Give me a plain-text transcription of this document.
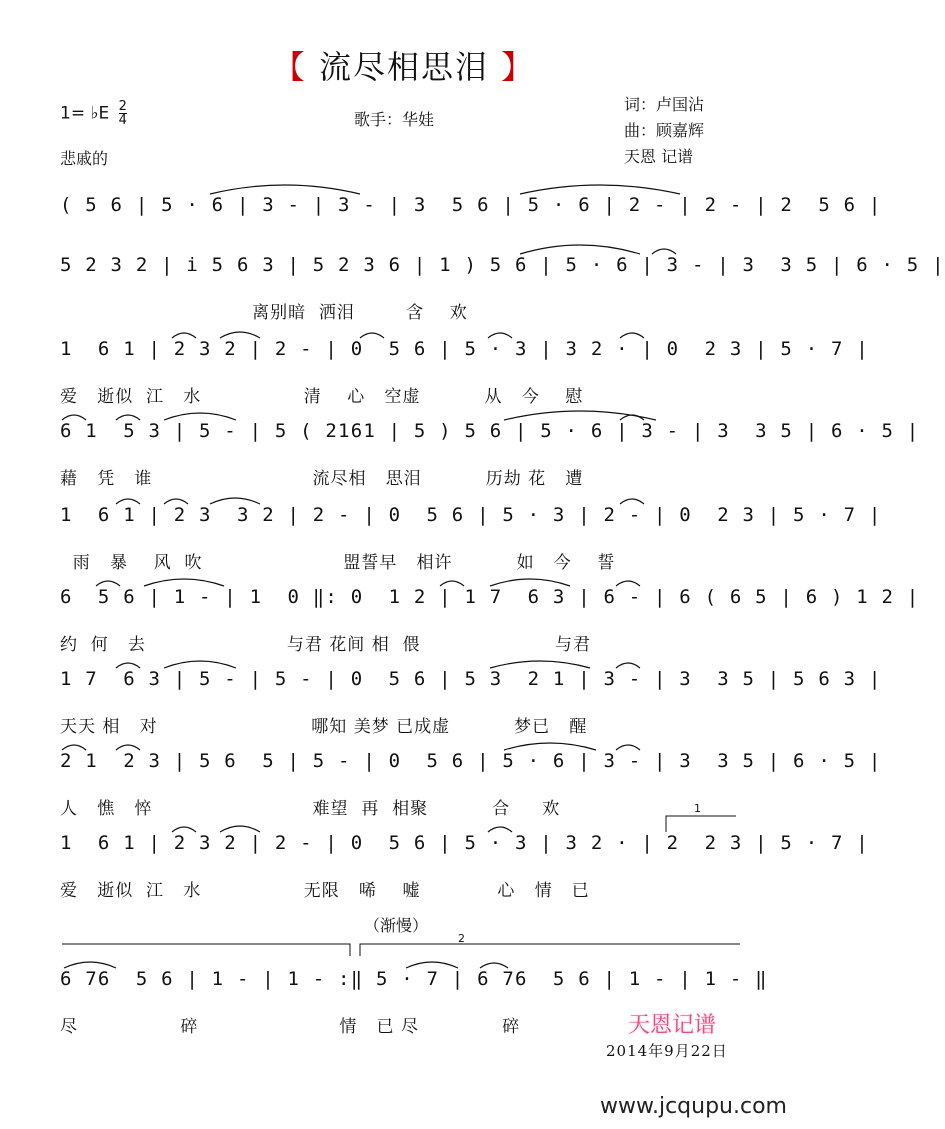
【 流尽相思泪 】
1= ♭E $\frac{2}{4}$
悲戚的
歌手：华娃
词：卢国沾
曲：顾嘉辉
天恩 记谱
( 5 6 | 5 · 6 | 3 - | 3 - | 3  5 6 | 5 · 6 | 2 - | 2 - | 2  5 6 |
5 2 3 2 | i 5 6 3 | 5 2 3 6 | 1 ) 5 6 | 5 · 6 | 3 - | 3  3 5 | 6 · 5 |
离别暗  洒泪        含    欢
1  6 1 | 2 3 2 | 2 - | 0  5 6 | 5 · 3 | 3 2 · | 0  2 3 | 5 · 7 |
爱   逝似  江   水                清    心   空虚          从   今    慰
6 1  5 3 | 5 - | 5 ( 2161 | 5 ) 5 6 | 5 · 6 | 3 - | 3  3 5 | 6 · 5 |
藉   凭   谁                         流尽相   思泪          历劫 花   遭
1  6 1 | 2 3  3 2 | 2 - | 0  5 6 | 5 · 3 | 2 - | 0  2 3 | 5 · 7 |
雨   暴    风  吹                      盟誓早   相许          如   今    誓
6  5 6 | 1 - | 1  0 ‖: 0  1 2 | 1 7  6 3 | 6 - | 6 ( 6 5 | 6 ) 1 2 |
约  何   去                      与君 花间 相  偎                     与君
1 7  6 3 | 5 - | 5 - | 0  5 6 | 5 3  2 1 | 3 - | 3  3 5 | 5 6 3 |
天天 相   对                        哪知 美梦 已成虚          梦已   醒
2 1  2 3 | 5 6  5 | 5 - | 0  5 6 | 5 · 6 | 3 - | 3  3 5 | 6 · 5 |
人   憔   悴                         难望  再  相聚          合     欢	1
1  6 1 | 2 3 2 | 2 - | 0  5 6 | 5 · 3 | 3 2 · | 2  2 3 | 5 · 7 |
爱   逝似  江   水                无限   唏    嘘            心   情   已
（渐慢）
2
6 76  5 6 | 1 - | 1 - :‖ 5 · 7 | 6 76  5 6 | 1 - | 1 - ‖
尽                碎                      情   已 尽             碎	天恩记谱
2014年9月22日
www.jcqupu.com
